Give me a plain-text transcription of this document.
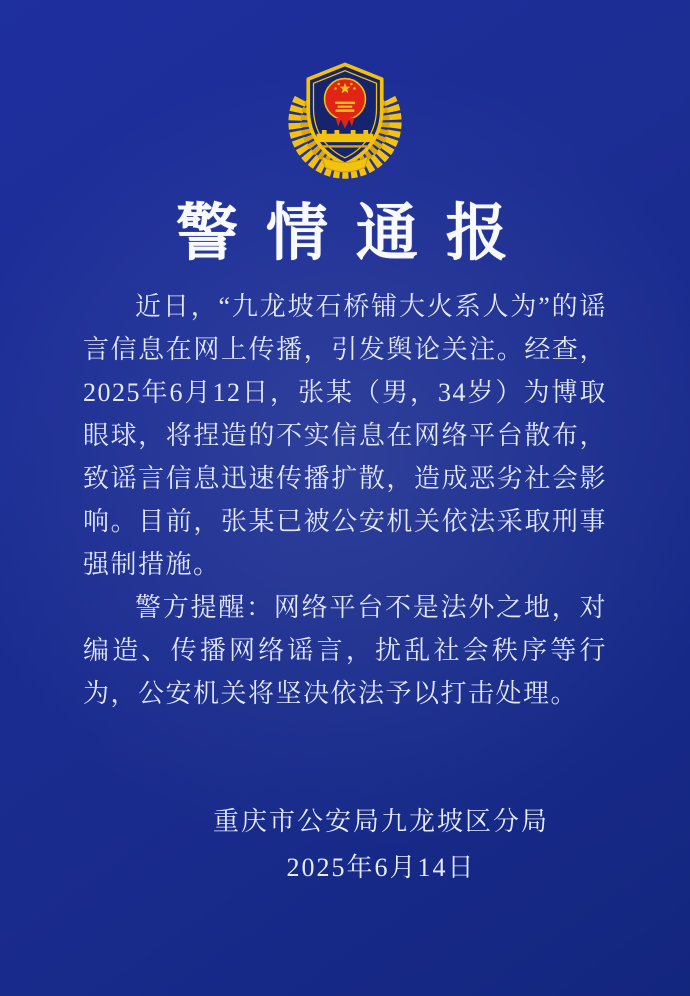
警 情 通 报

近日，“九龙坡石桥铺大火系人为”的谣言信息在网上传播，引发舆论关注。经查，2025年6月12日，张某（男，34岁）为博取眼球，将捏造的不实信息在网络平台散布，致谣言信息迅速传播扩散，造成恶劣社会影响。目前，张某已被公安机关依法采取刑事强制措施。

警方提醒：网络平台不是法外之地，对编造、传播网络谣言，扰乱社会秩序等行为，公安机关将坚决依法予以打击处理。

重庆市公安局九龙坡区分局
2025年6月14日
